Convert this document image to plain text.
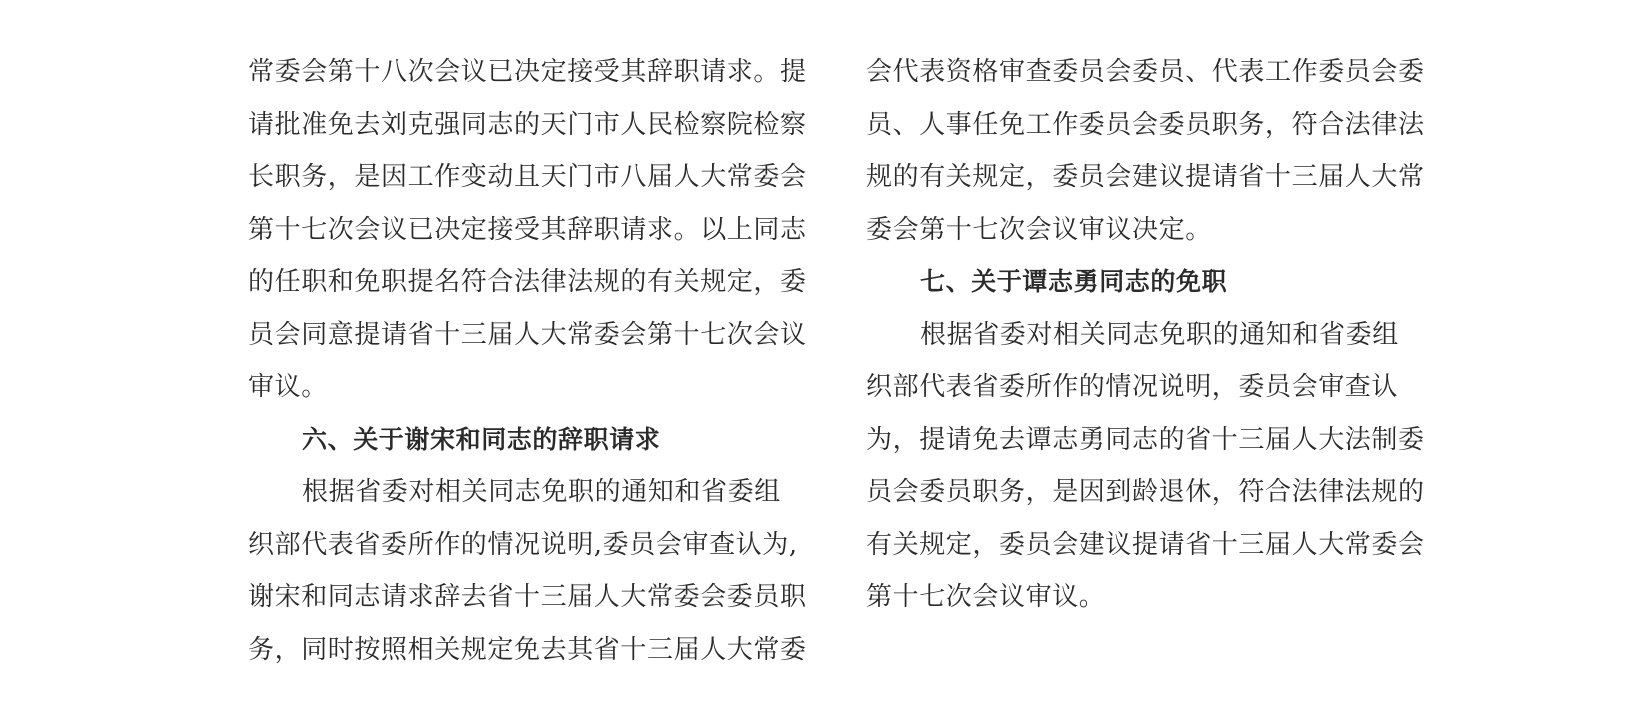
常委会第十八次会议已决定接受其辞职请求。提
请批准免去刘克强同志的天门市人民检察院检察
长职务，是因工作变动且天门市八届人大常委会
第十七次会议已决定接受其辞职请求。以上同志
的任职和免职提名符合法律法规的有关规定，委
员会同意提请省十三届人大常委会第十七次会议
审议。
六、关于谢宋和同志的辞职请求
根据省委对相关同志免职的通知和省委组
织部代表省委所作的情况说明,委员会审查认为,
谢宋和同志请求辞去省十三届人大常委会委员职
务，同时按照相关规定免去其省十三届人大常委
会代表资格审查委员会委员、代表工作委员会委
员、人事任免工作委员会委员职务，符合法律法
规的有关规定，委员会建议提请省十三届人大常
委会第十七次会议审议决定。
七、关于谭志勇同志的免职
根据省委对相关同志免职的通知和省委组
织部代表省委所作的情况说明，委员会审查认
为，提请免去谭志勇同志的省十三届人大法制委
员会委员职务，是因到龄退休，符合法律法规的
有关规定，委员会建议提请省十三届人大常委会
第十七次会议审议。
